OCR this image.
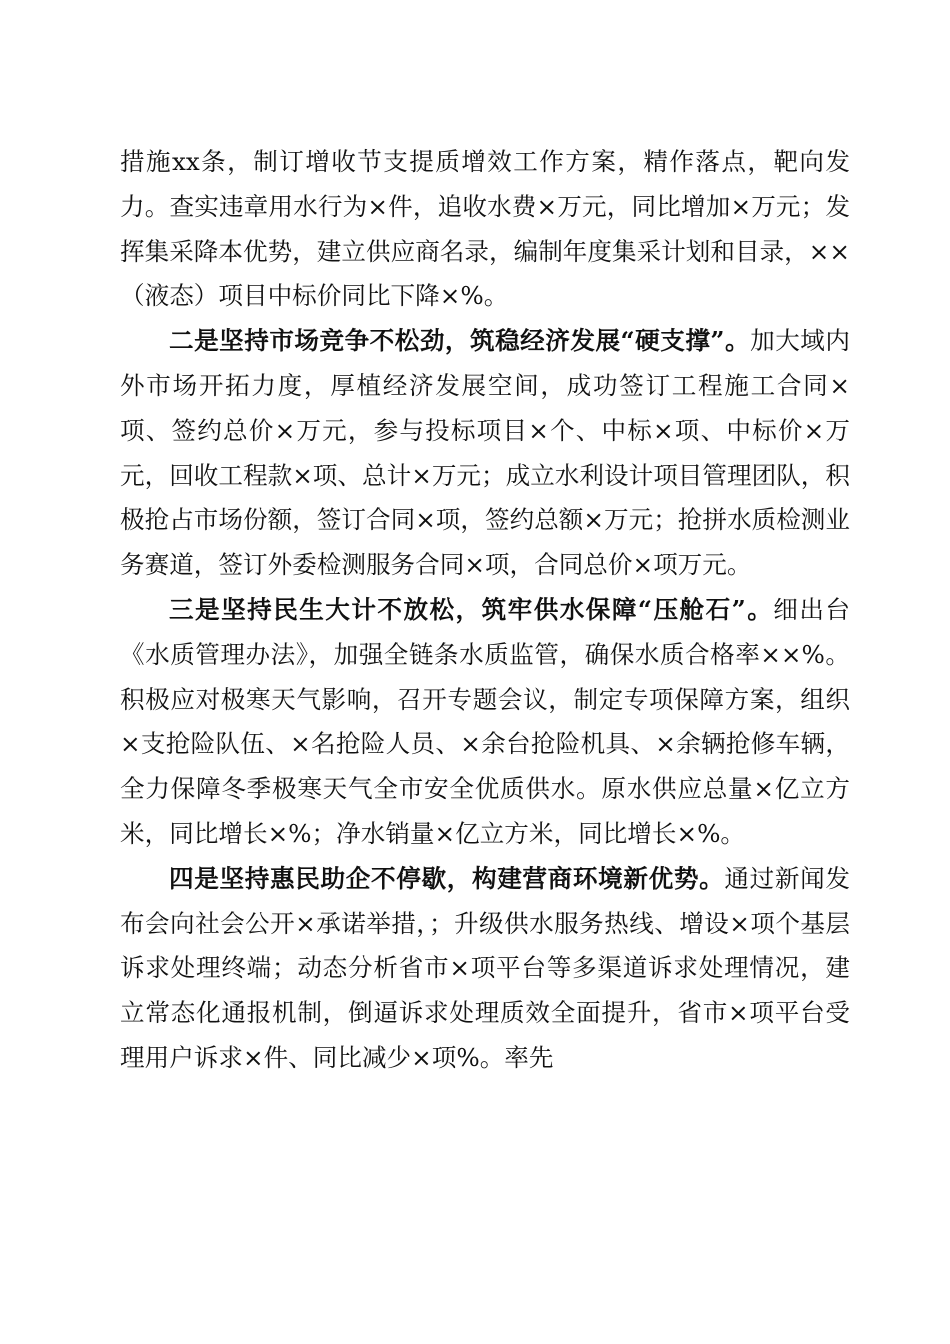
措施xx条，制订增收节支提质增效工作方案，精作落点，靶向发力。查实违章用水行为×件，追收水费×万元，同比增加×万元；发挥集采降本优势，建立供应商名录，编制年度集采计划和目录，××（液态）项目中标价同比下降×%。

二是坚持市场竞争不松劲，筑稳经济发展“硬支撑”。加大域内外市场开拓力度，厚植经济发展空间，成功签订工程施工合同×项、签约总价×万元，参与投标项目×个、中标×项、中标价×万元，回收工程款×项、总计×万元；成立水利设计项目管理团队，积极抢占市场份额，签订合同×项，签约总额×万元；抢拼水质检测业务赛道，签订外委检测服务合同×项，合同总价×项万元。

三是坚持民生大计不放松，筑牢供水保障“压舱石”。细出台《水质管理办法》，加强全链条水质监管，确保水质合格率××%。积极应对极寒天气影响，召开专题会议，制定专项保障方案，组织×支抢险队伍、×名抢险人员、×余台抢险机具、×余辆抢修车辆，全力保障冬季极寒天气全市安全优质供水。原水供应总量×亿立方米，同比增长×%；净水销量×亿立方米，同比增长×%。

四是坚持惠民助企不停歇，构建营商环境新优势。通过新闻发布会向社会公开×承诺举措，；升级供水服务热线、增设×项个基层诉求处理终端；动态分析省市×项平台等多渠道诉求处理情况，建立常态化通报机制，倒逼诉求处理质效全面提升，省市×项平台受理用户诉求×件、同比减少×项%。率先
